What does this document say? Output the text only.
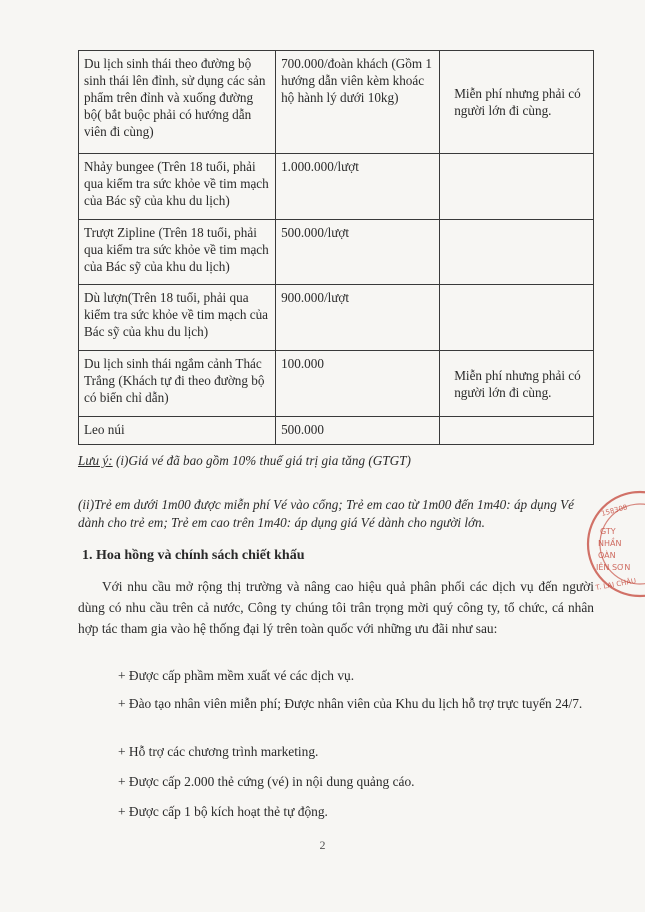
Du lịch sinh thái theo đường bộ sinh thái lên đỉnh, sử dụng các sản phẩm trên đỉnh và xuống đường bộ( bắt buộc phải có hướng dẫn viên đi cùng)	700.000/đoàn khách (Gồm 1 hướng dẫn viên kèm khoác hộ hành lý dưới 10kg)	Miễn phí nhưng phải có người lớn đi cùng.
Nhảy bungee (Trên 18 tuổi, phải qua kiểm tra sức khỏe về tim mạch của Bác sỹ của khu du lịch)	1.000.000/lượt	
Trượt Zipline (Trên 18 tuổi, phải qua kiểm tra sức khỏe về tim mạch của Bác sỹ của khu du lịch)	500.000/lượt	
Dù lượn(Trên 18 tuổi, phải qua kiểm tra sức khỏe về tim mạch của Bác sỹ của khu du lịch)	900.000/lượt	
Du lịch sinh thái ngắm cảnh Thác Trắng (Khách tự đi theo đường bộ có biển chỉ dẫn)	100.000	Miễn phí nhưng phải có người lớn đi cùng.
Leo núi	500.000	

Lưu ý: (i)Giá vé đã bao gồm 10% thuế giá trị gia tăng (GTGT)

(ii)Trẻ em dưới 1m00 được miễn phí Vé vào cổng; Trẻ em cao từ 1m00 đến 1m40: áp dụng Vé dành cho trẻ em; Trẻ em cao trên 1m40: áp dụng giá Vé dành cho người lớn.

1. Hoa hồng và chính sách chiết khấu

Với nhu cầu mở rộng thị trường và nâng cao hiệu quả phân phối các dịch vụ đến người dùng có nhu cầu trên cả nước, Công ty chúng tôi trân trọng mời quý công ty, tổ chức, cá nhân hợp tác tham gia vào hệ thống đại lý trên toàn quốc với những ưu đãi như sau:

+ Được cấp phầm mềm xuất vé các dịch vụ.

+ Đào tạo nhân viên miễn phí; Được nhân viên của Khu du lịch hỗ trợ trực tuyến 24/7.

+ Hỗ trợ các chương trình marketing.

+ Được cấp 2.000 thẻ cứng (vé) in nội dung quảng cáo.

+ Được cấp 1 bộ kích hoạt thẻ tự động.

2
158308
GTY
NHẦN
OÀN
IÊN SƠN
T. LAI CHÂU
